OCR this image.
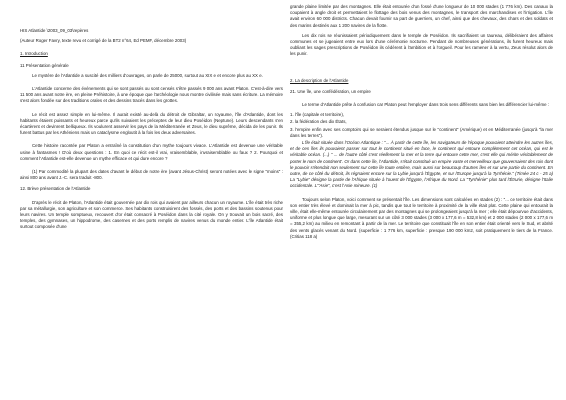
HIS Atlantide \2003_09_03\repères

(Auteur Roger Favry, texte revu et corrigé de la BT2 n°64, Ed PEMF, décembre 2003)

1. Introduction

11 Présentation générale

Le mystère de l'Atlantide a suscité des milliers d'ouvrages, on parle de 25000, surtout au XIX e et encore plus au XX e.

L'Atlantide concerne des événements qui se sont passés ou sont censés s'être passés 9 000 ans avant Platon. C'est-à-dire vers 11 500 ans avant notre ère, en pleine Préhistoire, à une époque que l'archéologie nous montre civilisée mais sans écriture. La mémoire s'est alors fondée sur des traditions orales et des dessins tracés dans les grottes.

Le récit est assez simple en lui-même. Il aurait existé au-delà du détroit de Gibraltar, un royaume, l'île d'Atlantide, dont les habitants étaient puissants et heureux parce qu'ils suivaient les préceptes de leur dieu Poséidon (Neptune). Leurs descendants s'en écartèrent et devinrent belliqueux. Ils voulurent asservir les pays de la Méditerranée et Zeus, le dieu suprême, décida de les punir. Ils furent battus par les Athéniens mais un cataclysme engloutit à la fois les deux adversaires.

Cette histoire racontée par Platon a entraîné la constitution d'un mythe toujours vivace. L'Atlantide est devenue une véritable usine à fantasmes ! D'où deux questions : 1. En quoi ce récit est-il vrai, vraisemblable, invraisemblable ou faux ? 2. Pourquoi et comment l'Atlantide est-elle devenue un mythe efficace et qui dure encore ?

(1) Par commodité la plupart des dates d'avant le début de notre ère (avant Jésus-Christ) seront notées avec le signe "moins" : ainsi 800 ans avant J.-C. sera traduit -800.

12. Brève présentation de l'Atlantide

D'après le récit de Platon, l'Atlantide était gouvernée par dix rois qui avaient par ailleurs chacun un royaume. L'île était très riche par sa métallurgie, son agriculture et son commerce. Ses habitants construisirent des fossés, des ports et des bassins soutenus pour leurs navires. Un temple somptueux, recouvert d'or était consacré à Poséidon dans la cité royale. On y trouvait un bois sacré, des temples, des gymnases, un hippodrome, des casernes et des ports remplis de navires venus du monde entier. L'île Atlantide était surtout composée d'une

grande plaine limitée par des montagnes. Elle était entourée d'un fossé d'une longueur de 10 000 stades (1 776 km). Des canaux la coupaient à angle droit et permettaient le flottage des bois venus des montagnes, le transport des marchandises et l'irrigation. L'île avait environ 60 000 districts. Chacun devait fournir sa part de guerriers, un chef, ainsi que des chevaux, des chars et des soldats et des marins destinés aux 1 200 navires de la flotte.

Les dix rois se réunissaient périodiquement dans le temple de Poséidon. Ils sacrifiaient un taureau, délibéraient des affaires communes et se jugeaient entre eux lors d'une cérémonie nocturne. Pendant de nombreuses générations, ils furent heureux mais oubliant les sages prescriptions de Poséidon ils cédèrent à l'ambition et à l'orgueil. Pour les ramener à la vertu, Zeus résolut alors de les punir.

2. La description de l'Atlantide

21. Une île, une confédération, un empire

Le terme d'Atlantide prête à confusion car Platon peut l'employer dans trois sens différents sans bien les différencier lui-même :

1. l'île (capitale et territoire),

2. la fédération des dix États,

3. l'empire enfin avec ses comptoirs qui se seraient étendus jusque sur le "continent" (Amérique) et en Méditerranée (jusqu'à "la mer dans les terres").

L'île était située dans l'Océan Atlantique : "... À partir de cette île, les navigateurs de l'époque pouvaient atteindre les autres îles, et de ces îles ils pouvaient passer sur tout le continent situé en face, le continent qui entoure complètement cet océan, qui est le véritable océan. (...) " ... de l'autre côté c'est réellement la mer et la terre qui entoure cette mer, c'est elle qui mérite véritablement de porter le nom de continent'. Or dans cette île, l'Atlantide, s'était constitué un empire vaste et merveilleux que gouvernaient des rois dont le pouvoir s'étendait non seulement sur cette île toute entière, mais aussi sur beaucoup d'autres îles et sur une partie du continent. En outre, de ce côté du détroit, ils régnaient encore sur la Lybie jusqu'à l'Égypte, et sur l'Europe jusqu'à la Tyrrhénie." (Timée 24 c - 25 a) La "Lybie" désigne la partie de l'Afrique située à l'ouest de l'Égypte, l'Afrique du Nord. La "Tyrrhénie" plus tard l'Étrurie, désigne l'Italie occidentale. L'"Asie", c'est l'Asie mineure. (1)

Toujours selon Platon, voici comment se présentait l'île. Les dimensions sont calculées en stades (2) : "... ce territoire était dans son entier très élevé et dominait la mer à pic, tandis que tout le territoire à proximité de la ville était plat. Cette plaine qui entourait la ville, était elle-même entourée circulairement par des montagnes qui se prolongeaient jusqu'à la mer ; elle était dépourvue d'accidents, uniforme et plus longue que large, mesurant sur un côté 3 000 stades (3 000 x 177,6 m = 532,8 km) et 2 000 stades (2 000 x 177,6 m = 355,2 km) au milieu en remontant à partir de la mer. Le territoire que constituait l'île en son entier était orienté vers le Sud, et abrité des vents glacés venant du Nord. (superficie : 1 776 km, superficie : presque 190 000 km2, soit pratiquement le tiers de la France. (Critias 118 a)
